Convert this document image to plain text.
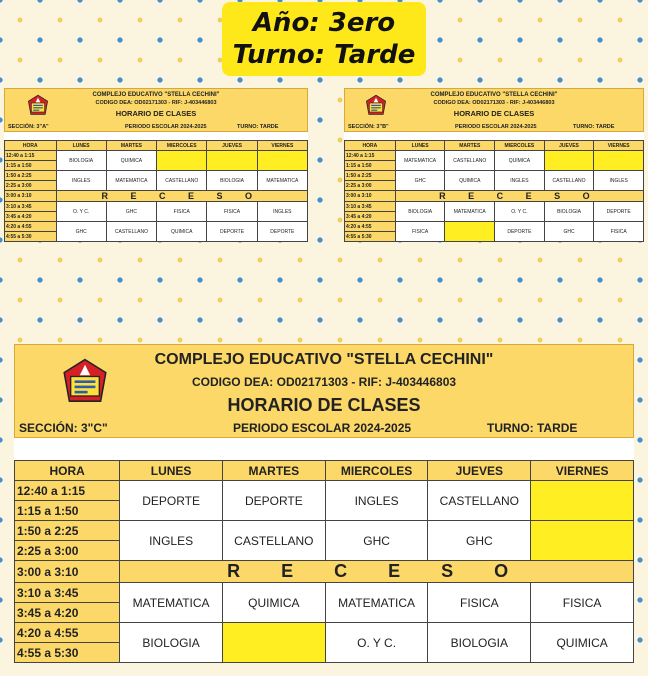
Año: 3ero
Turno: Tarde
COMPLEJO EDUCATIVO "STELLA CECHINI"
CODIGO DEA: OD02171303 - RIF: J-403446803
HORARIO DE CLASES
SECCIÓN: 3"A"	PERIODO ESCOLAR 2024-2025	TURNO: TARDE
HORA	LUNES	MARTES	MIERCOLES	JUEVES	VIERNES
12:40 a 1:15	BIOLOGIA	QUIMICA			
1:15 a 1:50					
1:50 a 2:25	INGLES	MATEMATICA	CASTELLANO	BIOLOGIA	MATEMATICA
2:25 a 3:00					
3:00 a 3:10	R E C E S O				
3:10 a 3:45	O. Y C.	GHC	FISICA	FISICA	INGLES
3:45 a 4:20					
4:20 a 4:55	GHC	CASTELLANO	QUIMICA	DEPORTE	DEPORTE
4:55 a 5:30					
COMPLEJO EDUCATIVO "STELLA CECHINI"
CODIGO DEA: OD02171303 - RIF: J-403446803
HORARIO DE CLASES
SECCIÓN: 3"B"	PERIODO ESCOLAR 2024-2025	TURNO: TARDE
HORA	LUNES	MARTES	MIERCOLES	JUEVES	VIERNES
12:40 a 1:15	MATEMATICA	CASTELLANO	QUIMICA		
1:15 a 1:50					
1:50 a 2:25	GHC	QUIMICA	INGLES	CASTELLANO	INGLES
2:25 a 3:00					
3:00 a 3:10	R E C E S O				
3:10 a 3:45	BIOLOGIA	MATEMATICA	O. Y C.	BIOLOGIA	DEPORTE
3:45 a 4:20					
4:20 a 4:55	FISICA		DEPORTE	GHC	FISICA
4:55 a 5:30					
COMPLEJO EDUCATIVO "STELLA CECHINI"
CODIGO DEA: OD02171303 - RIF: J-403446803
HORARIO DE CLASES
SECCIÓN: 3"C"	PERIODO ESCOLAR 2024-2025	TURNO: TARDE
HORA	LUNES	MARTES	MIERCOLES	JUEVES	VIERNES
12:40 a 1:15	DEPORTE	DEPORTE	INGLES	CASTELLANO	
1:15 a 1:50					
1:50 a 2:25	INGLES	CASTELLANO	GHC	GHC	
2:25 a 3:00					
3:00 a 3:10	R E C E S O				
3:10 a 3:45	MATEMATICA	QUIMICA	MATEMATICA	FISICA	FISICA
3:45 a 4:20					
4:20 a 4:55	BIOLOGIA		O. Y C.	BIOLOGIA	QUIMICA
4:55 a 5:30					
